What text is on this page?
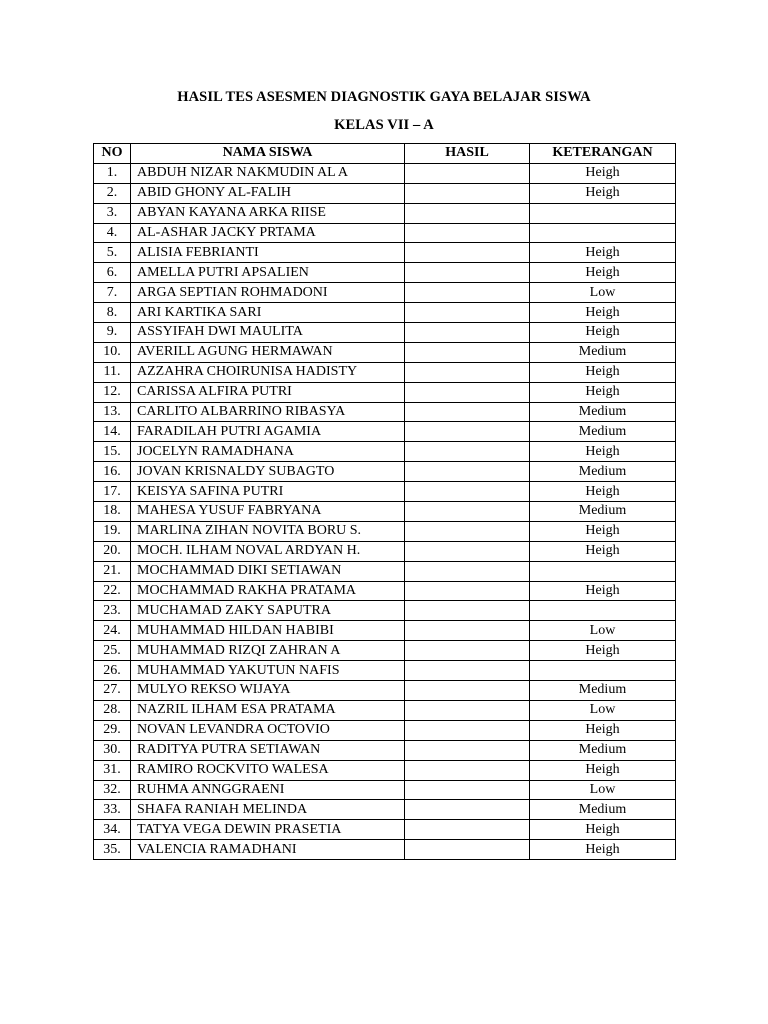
HASIL TES ASESMEN DIAGNOSTIK GAYA BELAJAR SISWA
KELAS VII – A
NO	NAMA SISWA	HASIL	KETERANGAN
1.	ABDUH NIZAR NAKMUDIN AL A		Heigh
2.	ABID GHONY AL-FALIH		Heigh
3.	ABYAN KAYANA ARKA RIISE		
4.	AL-ASHAR JACKY PRTAMA		
5.	ALISIA FEBRIANTI		Heigh
6.	AMELLA PUTRI APSALIEN		Heigh
7.	ARGA SEPTIAN ROHMADONI		Low
8.	ARI KARTIKA SARI		Heigh
9.	ASSYIFAH DWI MAULITA		Heigh
10.	AVERILL AGUNG HERMAWAN		Medium
11.	AZZAHRA CHOIRUNISA HADISTY		Heigh
12.	CARISSA ALFIRA PUTRI		Heigh
13.	CARLITO ALBARRINO RIBASYA		Medium
14.	FARADILAH PUTRI AGAMIA		Medium
15.	JOCELYN RAMADHANA		Heigh
16.	JOVAN KRISNALDY SUBAGTO		Medium
17.	KEISYA SAFINA PUTRI		Heigh
18.	MAHESA YUSUF FABRYANA		Medium
19.	MARLINA ZIHAN NOVITA BORU S.		Heigh
20.	MOCH. ILHAM NOVAL ARDYAN H.		Heigh
21.	MOCHAMMAD DIKI SETIAWAN		
22.	MOCHAMMAD RAKHA PRATAMA		Heigh
23.	MUCHAMAD ZAKY SAPUTRA		
24.	MUHAMMAD HILDAN HABIBI		Low
25.	MUHAMMAD RIZQI ZAHRAN A		Heigh
26.	MUHAMMAD YAKUTUN NAFIS		
27.	MULYO REKSO WIJAYA		Medium
28.	NAZRIL ILHAM ESA PRATAMA		Low
29.	NOVAN LEVANDRA OCTOVIO		Heigh
30.	RADITYA PUTRA SETIAWAN		Medium
31.	RAMIRO ROCKVITO WALESA		Heigh
32.	RUHMA ANNGGRAENI		Low
33.	SHAFA RANIAH MELINDA		Medium
34.	TATYA VEGA DEWIN PRASETIA		Heigh
35.	VALENCIA RAMADHANI		Heigh
